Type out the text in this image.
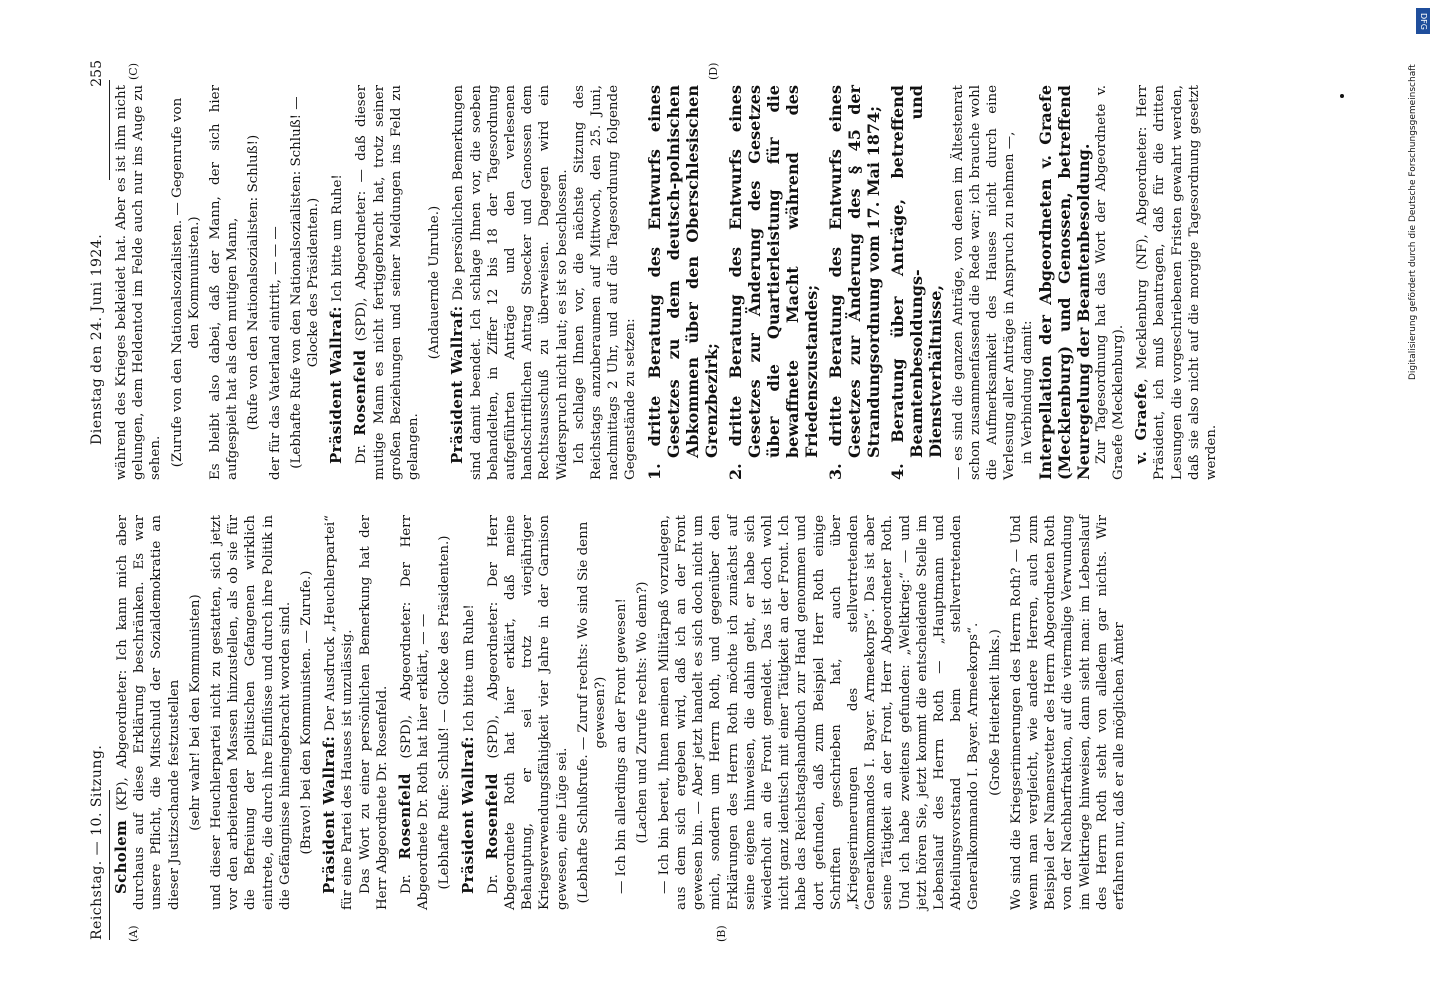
DFG
Digitalisierung gefördert durch die Deutsche Forschungsgemeinschaft
Reichstag. — 10. Sitzung.
Dienstag den 24. Juni 1924.
255
(A)	(B)
(C)	(D)

Scholem (KP), Abgeordneter: Ich kann mich aber durchaus auf diese Erklärung beschränken. Es war unsere Pflicht, die Mitschuld der Sozialdemokratie an dieser Justizschande festzustellen (sehr wahr! bei den Kommunisten) und dieser Heuchlerpartei nicht zu gestatten, sich jetzt vor den arbeitenden Massen hinzustellen, als ob sie für die Befreiung der politischen Gefangenen wirklich eintrete, die durch ihre Einflüsse und durch ihre Politik in die Gefängnisse hineingebracht worden sind. (Bravo! bei den Kommunisten. — Zurufe.) Präsident Wallraf: Der Ausdruck „Heuchlerpartei“ für eine Partei des Hauses ist unzulässig. Das Wort zu einer persönlichen Bemerkung hat der Herr Abgeordnete Dr. Rosenfeld. Dr. Rosenfeld (SPD), Abgeordneter: Der Herr Abgeordnete Dr. Roth hat hier erklärt, — — (Lebhafte Rufe: Schluß! — Glocke des Präsidenten.) Präsident Wallraf: Ich bitte um Ruhe!

Dr. Rosenfeld (SPD), Abgeordneter: Der Herr Abgeordnete Roth hat hier erklärt, daß meine Behauptung, er sei trotz vierjähriger Kriegsverwendungsfähigkeit vier Jahre in der Garnison gewesen, eine Lüge sei. (Lebhafte Schlußrufe. — Zuruf rechts: Wo sind Sie denn gewesen?) — Ich bin allerdings an der Front gewesen! (Lachen und Zurufe rechts: Wo denn?) — Ich bin bereit, Ihnen meinen Militärpaß vorzulegen, aus dem sich ergeben wird, daß ich an der Front gewesen bin. — Aber jetzt handelt es sich doch nicht um mich, sondern um Herrn Roth, und gegenüber den Erklärungen des Herrn Roth möchte ich zunächst auf seine eigene hinweisen, die dahin geht, er habe sich wiederholt an die Front gemeldet. Das ist doch wohl nicht ganz identisch mit einer Tätigkeit an der Front. Ich habe das Reichstagshandbuch zur Hand genommen und dort gefunden, daß zum Beispiel Herr Roth einige Schriften geschrieben hat, auch über „Kriegserinnerungen des stellvertretenden Generalkommandos I. Bayer. Armeekorps“. Das ist aber seine Tätigkeit an der Front, Herr Abgeordneter Roth. Und ich habe zweitens gefunden: „Weltkrieg:“ — und jetzt hören Sie, jetzt kommt die entscheidende Stelle im Lebenslauf des Herrn Roth — „Hauptmann und Abteilungsvorstand beim stellvertretenden Generalkommando I. Bayer. Armeekorps“. (Große Heiterkeit links.) Wo sind die Kriegserinnerungen des Herrn Roth? — Und wenn man vergleicht, wie andere Herren, auch zum Beispiel der Namensvetter des Herrn Abgeordneten Roth von der Nachbarfraktion, auf die viermalige Verwundung im Weltkriege hinweisen, dann sieht man: im Lebenslauf des Herrn Roth steht von alledem gar nichts. Wir erfahren nur, daß er alle möglichen Ämter

während des Krieges bekleidet hat. Aber es ist ihm nicht gelungen, dem Heldentod im Felde auch nur ins Auge zu sehen. (Zurufe von den Nationalsozialisten. — Gegenrufe von den Kommunisten.) Es bleibt also dabei, daß der Mann, der sich hier aufgespielt hat als den mutigen Mann, (Rufe von den Nationalsozialisten: Schluß!) der für das Vaterland eintritt, — — — (Lebhafte Rufe von den Nationalsozialisten: Schluß! — Glocke des Präsidenten.)

Präsident Wallraf: Ich bitte um Ruhe!

Dr. Rosenfeld (SPD), Abgeordneter: — daß dieser mutige Mann es nicht fertiggebracht hat, trotz seiner großen Beziehungen und seiner Meldungen ins Feld zu gelangen.

(Andauernde Unruhe.)

Präsident Wallraf: Die persönlichen Bemerkungen sind damit beendet. Ich schlage Ihnen vor, die soeben behandelten, in Ziffer 12 bis 18 der Tagesordnung aufgeführten Anträge und den verlesenen handschriftlichen Antrag Stoecker und Genossen dem Rechtsausschuß zu überweisen. Dagegen wird ein Widerspruch nicht laut; es ist so beschlossen. Ich schlage Ihnen vor, die nächste Sitzung des Reichstags anzuberaumen auf Mittwoch, den 25. Juni, nachmittags 2 Uhr, und auf die Tagesordnung folgende Gegenstände zu setzen: 1. dritte Beratung des Entwurfs eines Gesetzes zu dem deutsch-polnischen Abkommen über den Oberschlesischen Grenzbezirk;
2. dritte Beratung des Entwurfs eines Gesetzes zur Änderung des Gesetzes über die Quartierleistung für die bewaffnete Macht während des Friedenszustandes;
3. dritte Beratung des Entwurfs eines Gesetzes zur Änderung des § 45 der Strandungsordnung vom 17. Mai 1874;
4. Beratung über Anträge, betreffend Beamtenbesoldungs- und Dienstverhältnisse, — es sind die ganzen Anträge, von denen im Ältestenrat schon zusammenfassend die Rede war; ich brauche wohl die Aufmerksamkeit des Hauses nicht durch eine Verlesung aller Anträge in Anspruch zu nehmen —, in Verbindung damit: Interpellation der Abgeordneten v. Graefe (Mecklenburg) und Genossen, betreffend Neuregelung der Beamtenbesoldung. Zur Tagesordnung hat das Wort der Abgeordnete v. Graefe (Mecklenburg). v. Graefe, Mecklenburg (NF), Abgeordneter: Herr Präsident, ich muß beantragen, daß für die dritten Lesungen die vorgeschriebenen Fristen gewahrt werden, daß sie also nicht auf die morgige Tagesordnung gesetzt werden.
